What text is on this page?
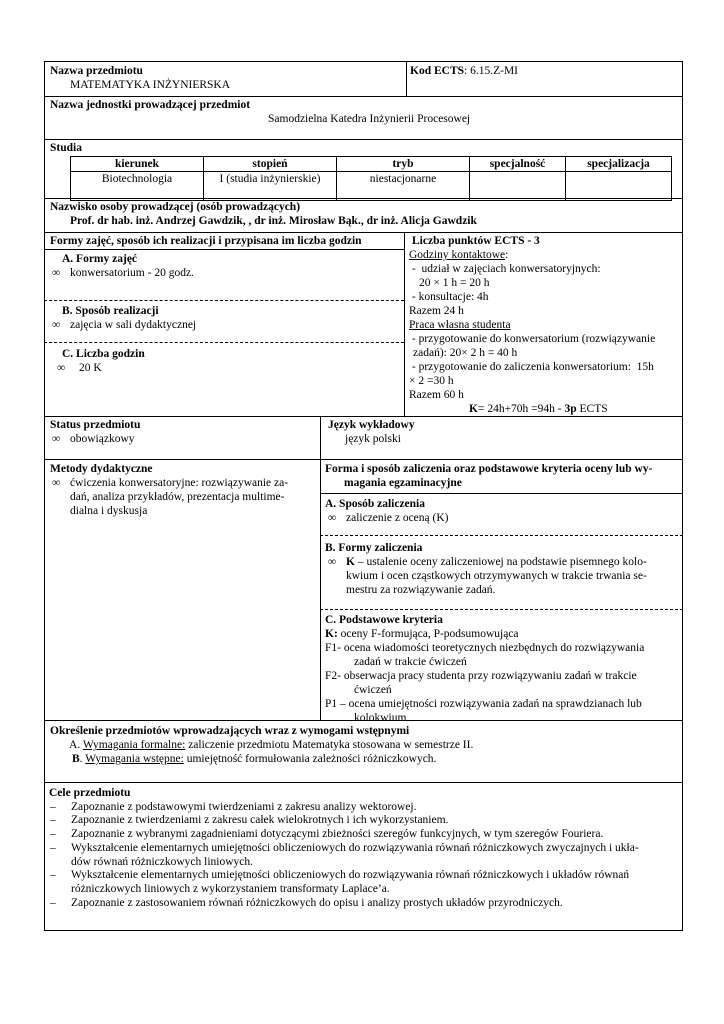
Nazwa przedmiotu
MATEMATYKA INŻYNIERSKA
Kod ECTS: 6.15.Z-MI
Nazwa jednostki prowadzącej przedmiot
Samodzielna Katedra Inżynierii Procesowej
Studia
kierunek	stopień	tryb	specjalność	specjalizacja
Biotechnologia	I (studia inżynierskie)	niestacjonarne		
Nazwisko osoby prowadzącej (osób prowadzących)
Prof. dr hab. inż. Andrzej Gawdzik, , dr inż. Mirosław Bąk., dr inż. Alicja Gawdzik
Formy zajęć, sposób ich realizacji i przypisana im liczba godzin
A. Formy zajęć
∞ konwersatorium - 20 godz.
B. Sposób realizacji
∞ zajęcia w sali dydaktycznej
C. Liczba godzin
∞ 20 K
Liczba punktów ECTS - 3
Godziny kontaktowe:
-  udział w zajęciach konwersatoryjnych:
20 × 1 h = 20 h
- konsultacje: 4h
Razem 24 h
Praca własna studenta
- przygotowanie do konwersatorium (rozwiązywanie
zadań): 20× 2 h = 40 h
- przygotowanie do zaliczenia konwersatorium:  15h
× 2 =30 h
Razem 60 h
K= 24h+70h =94h - 3p ECTS
Status przedmiotu
∞ obowiązkowy
Język wykładowy
język polski
Metody dydaktyczne
∞ ćwiczenia konwersatoryjne: rozwiązywanie za-
dań, analiza przykładów, prezentacja multime-
dialna i dyskusja
Forma i sposób zaliczenia oraz podstawowe kryteria oceny lub wy-
magania egzaminacyjne
A. Sposób zaliczenia
∞ zaliczenie z oceną (K)
B. Formy zaliczenia
∞ K – ustalenie oceny zaliczeniowej na podstawie pisemnego kolo-
kwium i ocen cząstkowych otrzymywanych w trakcie trwania se-
mestru za rozwiązywanie zadań.
C. Podstawowe kryteria
K: oceny F-formująca, P-podsumowująca
F1- ocena wiadomości teoretycznych niezbędnych do rozwiązywania
zadań w trakcie ćwiczeń
F2- obserwacja pracy studenta przy rozwiązywaniu zadań w trakcie
ćwiczeń
P1 – ocena umiejętności rozwiązywania zadań na sprawdzianach lub
kolokwium
Określenie przedmiotów wprowadzających wraz z wymogami wstępnymi
A. Wymagania formalne: zaliczenie przedmiotu Matematyka stosowana w semestrze II.
B. Wymagania wstępne: umiejętność formułowania zależności różniczkowych.
Cele przedmiotu
– Zapoznanie z podstawowymi twierdzeniami z zakresu analizy wektorowej.
– Zapoznanie z twierdzeniami z zakresu całek wielokrotnych i ich wykorzystaniem.
– Zapoznanie z wybranymi zagadnieniami dotyczącymi zbieżności szeregów funkcyjnych, w tym szeregów Fouriera.
– Wykształcenie elementarnych umiejętności obliczeniowych do rozwiązywania równań różniczkowych zwyczajnych i ukła-
dów równań różniczkowych liniowych.
– Wykształcenie elementarnych umiejętności obliczeniowych do rozwiązywania równań różniczkowych i układów równań
różniczkowych liniowych z wykorzystaniem transformaty Laplace’a.
– Zapoznanie z zastosowaniem równań różniczkowych do opisu i analizy prostych układów przyrodniczych.
